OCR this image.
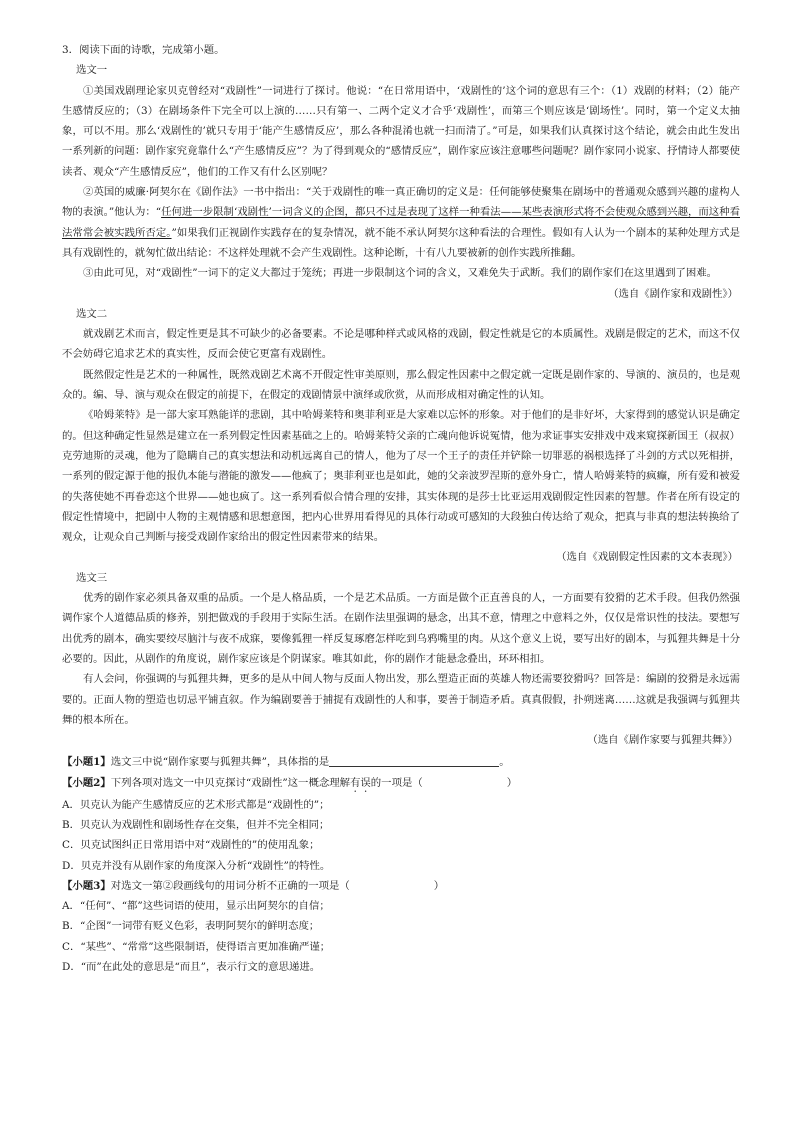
3．阅读下面的诗歌，完成第小题。

选文一

①美国戏剧理论家贝克曾经对“戏剧性”一词进行了探讨。他说：“在日常用语中，‘戏剧性的’这个词的意思有三个：（1）戏剧的材料；（2）能产生感情反应的；（3）在剧场条件下完全可以上演的……只有第一、二两个定义才合乎‘戏剧性’，而第三个则应该是‘剧场性’。同时，第一个定义太抽象，可以不用。那么‘戏剧性的’就只专用于‘能产生感情反应’，那么各种混淆也就一扫而清了。”可是，如果我们认真探讨这个结论，就会由此生发出一系列新的问题：剧作家究竟靠什么“产生感情反应”？为了得到观众的“感情反应”，剧作家应该注意哪些问题呢？剧作家同小说家、抒情诗人都要使读者、观众“产生感情反应”，他们的工作又有什么区别呢？

②英国的威廉·阿契尔在《剧作法》一书中指出：“关于戏剧性的唯一真正确切的定义是：任何能够使聚集在剧场中的普通观众感到兴趣的虚构人物的表演。”他认为：“任何进一步限制‘戏剧性’一词含义的企图，都只不过是表现了这样一种看法——某些表演形式将不会使观众感到兴趣，而这种看法常常会被实践所否定。”如果我们正视剧作实践存在的复杂情况，就不能不承认阿契尔这种看法的合理性。假如有人认为一个剧本的某种处理方式是具有戏剧性的，就匆忙做出结论：不这样处理就不会产生戏剧性。这种论断，十有八九要被新的创作实践所推翻。

③由此可见，对“戏剧性”一词下的定义大都过于笼统；再进一步限制这个词的含义，又难免失于武断。我们的剧作家们在这里遇到了困难。

（选自《剧作家和戏剧性》）

选文二

就戏剧艺术而言，假定性更是其不可缺少的必备要素。不论是哪种样式或风格的戏剧，假定性就是它的本质属性。戏剧是假定的艺术，而这不仅不会妨碍它追求艺术的真实性，反而会使它更富有戏剧性。

既然假定性是艺术的一种属性，既然戏剧艺术离不开假定性审美原则，那么假定性因素中之假定就一定既是剧作家的、导演的、演员的，也是观众的。编、导、演与观众在假定的前提下，在假定的戏剧情景中演绎或欣赏，从而形成相对确定性的认知。

《哈姆莱特》是一部大家耳熟能详的悲剧，其中哈姆莱特和奥菲利亚是大家难以忘怀的形象。对于他们的是非好坏，大家得到的感觉认识是确定的。但这种确定性显然是建立在一系列假定性因素基础之上的。哈姆莱特父亲的亡魂向他诉说冤情，他为求证事实安排戏中戏来窥探新国王（叔叔）克劳迪斯的灵魂，他为了隐瞒自己的真实想法和动机远离自己的情人，他为了尽一个王子的责任并铲除一切罪恶的祸根选择了斗剑的方式以死相拼，一系列的假定源于他的报仇本能与潜能的激发——他疯了；奥菲利亚也是如此，她的父亲波罗涅斯的意外身亡，情人哈姆莱特的疯癫，所有爱和被爱的失落使她不再眷恋这个世界——她也疯了。这一系列看似合情合理的安排，其实体现的是莎士比亚运用戏剧假定性因素的智慧。作者在所有设定的假定性情境中，把剧中人物的主观情感和思想意图，把内心世界用看得见的具体行动或可感知的大段独白传达给了观众，把真与非真的想法转换给了观众，让观众自己判断与接受戏剧作家给出的假定性因素带来的结果。

（选自《戏剧假定性因素的文本表现》）

选文三

优秀的剧作家必须具备双重的品质。一个是人格品质，一个是艺术品质。一方面是做个正直善良的人，一方面要有狡猾的艺术手段。但我仍然强调作家个人道德品质的修养，别把做戏的手段用于实际生活。在剧作法里强调的悬念，出其不意，情理之中意料之外，仅仅是常识性的技法。要想写出优秀的剧本，确实要绞尽脑汁与夜不成寐，要像狐狸一样反复琢磨怎样吃到乌鸦嘴里的肉。从这个意义上说，要写出好的剧本，与狐狸共舞是十分必要的。因此，从剧作的角度说，剧作家应该是个阴谋家。唯其如此，你的剧作才能悬念叠出，环环相扣。

有人会问，你强调的与狐狸共舞，更多的是从中间人物与反面人物出发，那么塑造正面的英雄人物还需要狡猾吗？回答是：编剧的狡猾是永远需要的。正面人物的塑造也切忌平铺直叙。作为编剧要善于捕捉有戏剧性的人和事，要善于制造矛盾。真真假假，扑朔迷离……这就是我强调与狐狸共舞的根本所在。

（选自《剧作家要与狐狸共舞》）

【小题1】选文三中说“剧作家要与狐狸共舞”，具体指的是	。

【小题2】下列各项对选文一中贝克探讨“戏剧性”这一概念理解有误的一项是（	）

A．贝克认为能产生感情反应的艺术形式都是“戏剧性的”；

B．贝克认为戏剧性和剧场性存在交集，但并不完全相同；

C．贝克试图纠正日常用语中对“戏剧性的”的使用乱象；

D．贝克并没有从剧作家的角度深入分析“戏剧性”的特性。

【小题3】对选文一第②段画线句的用词分析不正确的一项是（	）

A．“任何”、“都”这些词语的使用，显示出阿契尔的自信；

B．“企图”一词带有贬义色彩，表明阿契尔的鲜明态度；

C．“某些”、“常常”这些限制语，使得语言更加准确严谨；

D．“而”在此处的意思是“而且”，表示行文的意思递进。
